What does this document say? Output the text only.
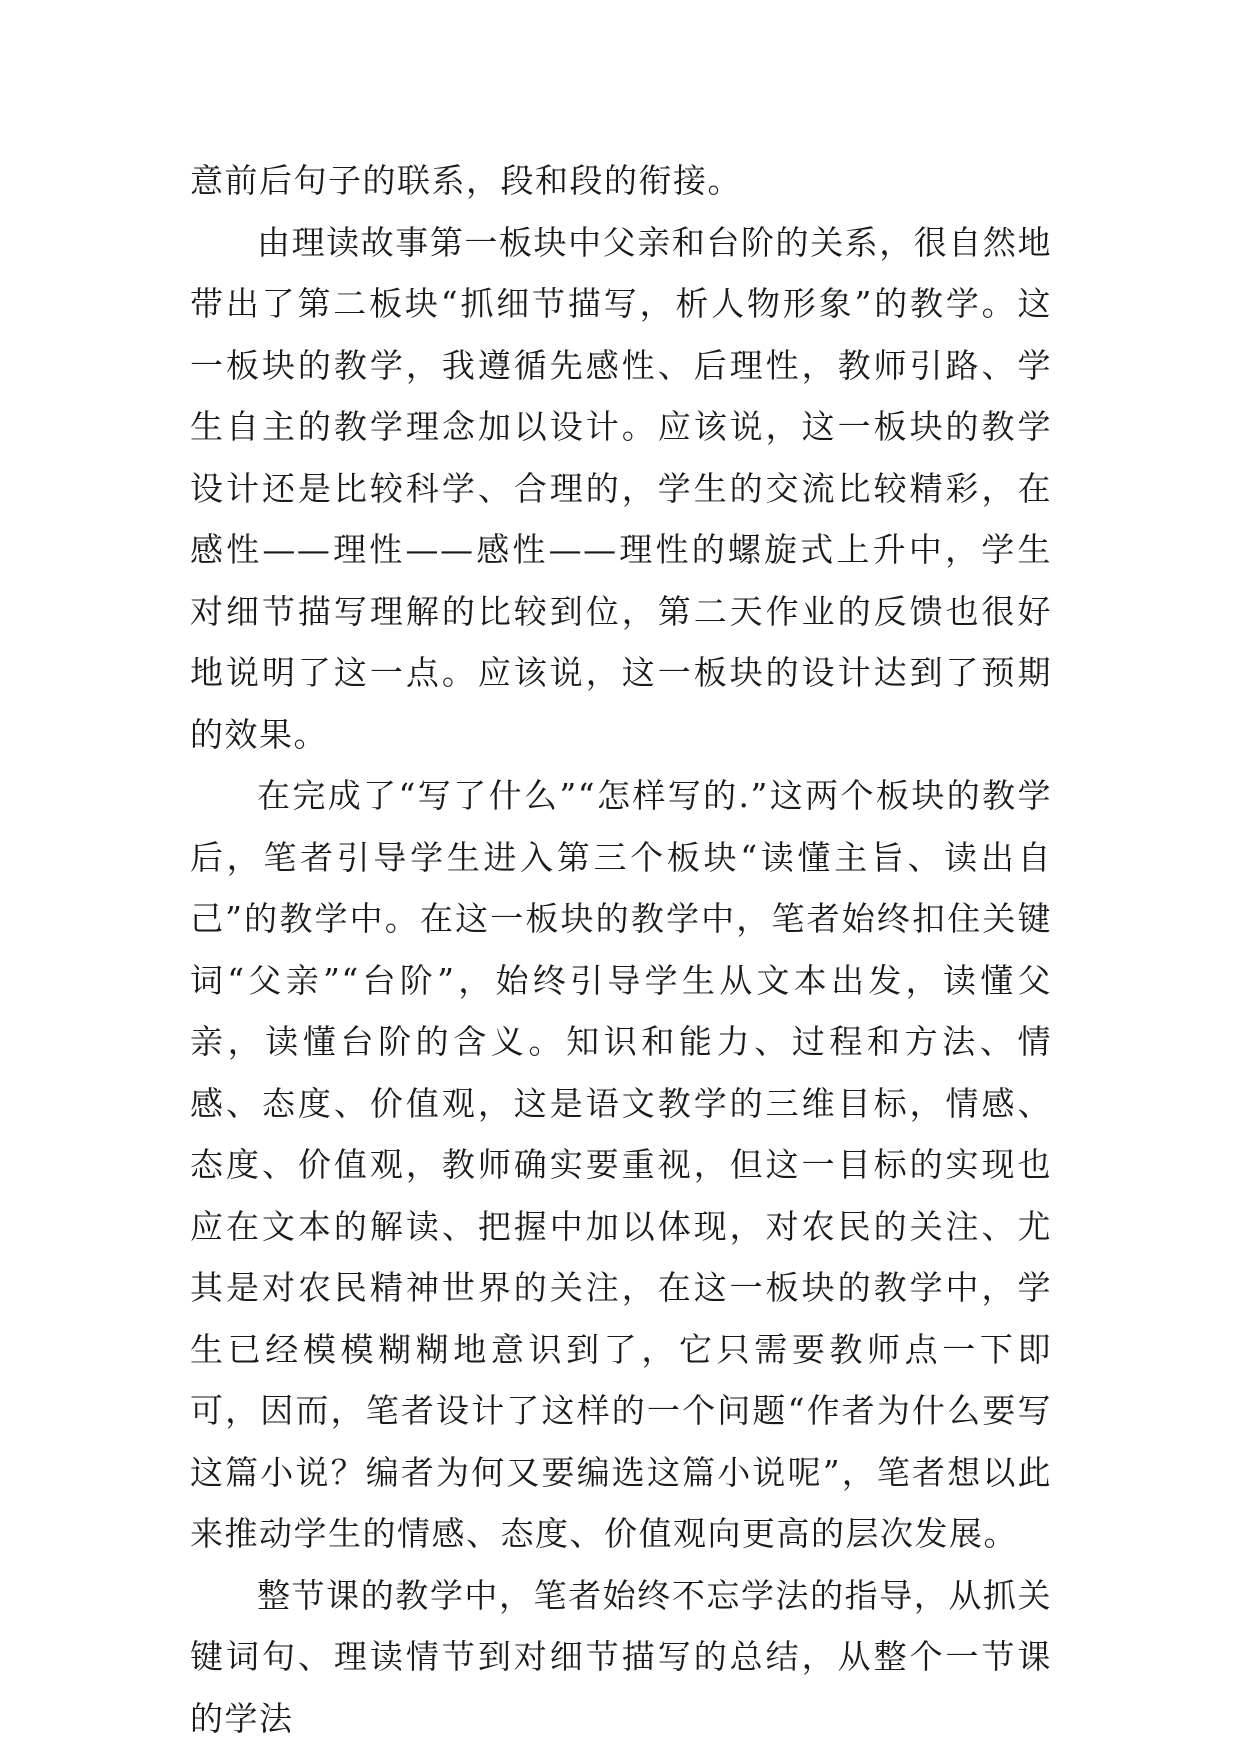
意前后句子的联系，段和段的衔接。

由理读故事第一板块中父亲和台阶的关系，很自然地带出了第二板块“抓细节描写，析人物形象”的教学。这一板块的教学，我遵循先感性、后理性，教师引路、学生自主的教学理念加以设计。应该说，这一板块的教学设计还是比较科学、合理的，学生的交流比较精彩，在感性——理性——感性——理性的螺旋式上升中，学生对细节描写理解的比较到位，第二天作业的反馈也很好地说明了这一点。应该说，这一板块的设计达到了预期的效果。

在完成了“写了什么”“怎样写的.”这两个板块的教学后，笔者引导学生进入第三个板块“读懂主旨、读出自己”的教学中。在这一板块的教学中，笔者始终扣住关键词“父亲”“台阶”，始终引导学生从文本出发，读懂父亲，读懂台阶的含义。知识和能力、过程和方法、情感、态度、价值观，这是语文教学的三维目标，情感、态度、价值观，教师确实要重视，但这一目标的实现也应在文本的解读、把握中加以体现，对农民的关注、尤其是对农民精神世界的关注，在这一板块的教学中，学生已经模模糊糊地意识到了，它只需要教师点一下即可，因而，笔者设计了这样的一个问题“作者为什么要写这篇小说？编者为何又要编选这篇小说呢”，笔者想以此来推动学生的情感、态度、价值观向更高的层次发展。

整节课的教学中，笔者始终不忘学法的指导，从抓关键词句、理读情节到对细节描写的总结，从整个一节课的学法
